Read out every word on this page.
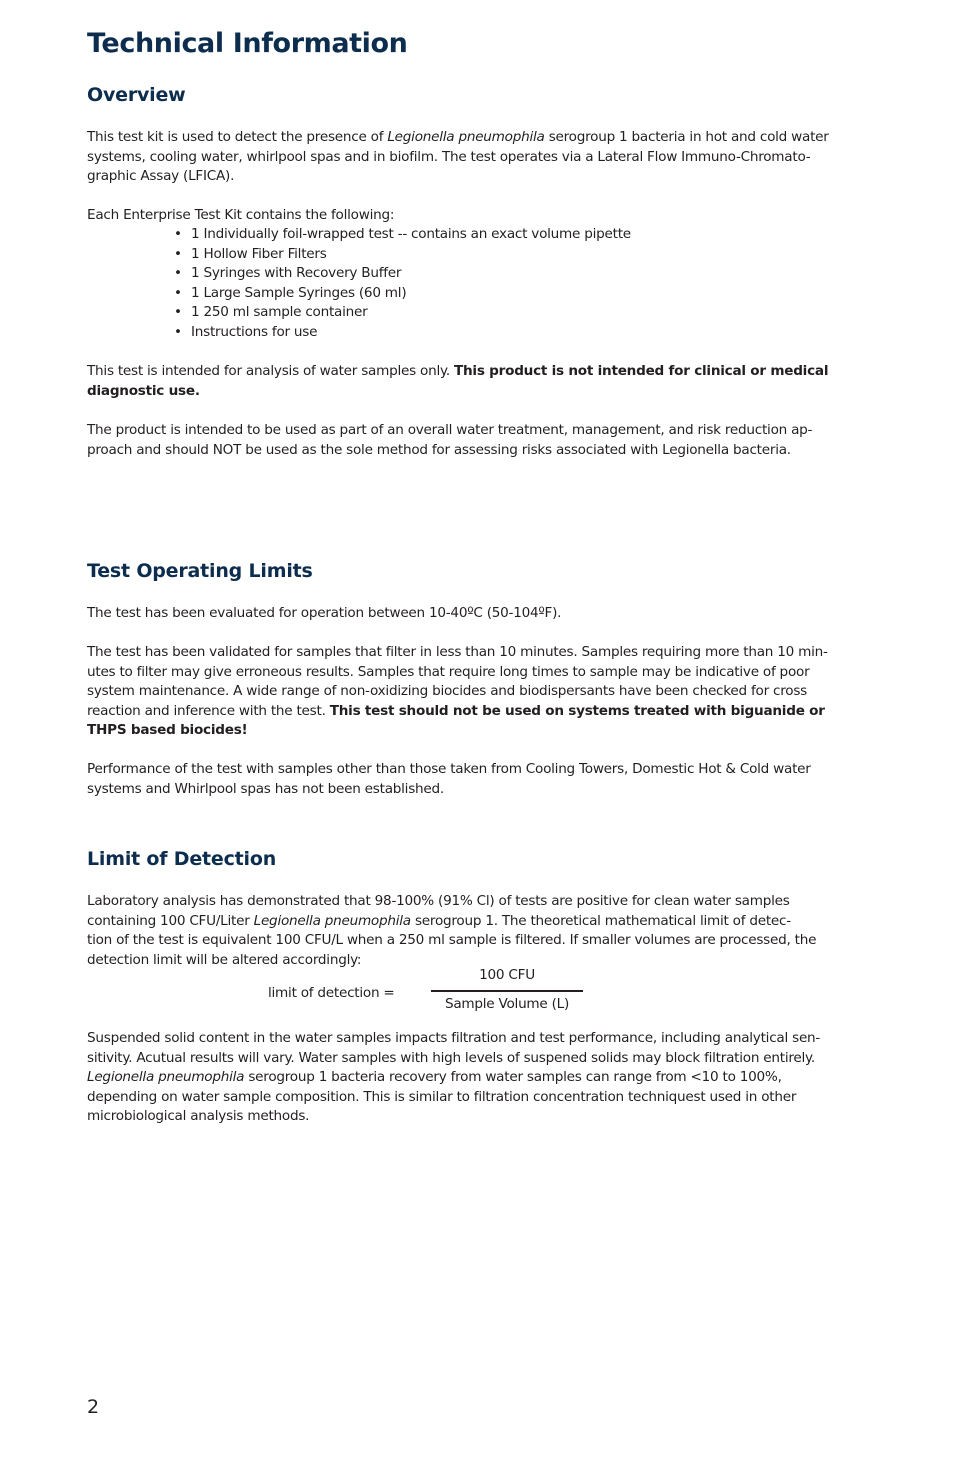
Technical Information
Overview

This test kit is used to detect the presence of Legionella pneumophila serogroup 1 bacteria in hot and cold water
systems, cooling water, whirlpool spas and in biofilm. The test operates via a Lateral Flow Immuno-Chromato-
graphic Assay (LFICA).

Each Enterprise Test Kit contains the following:

• 1 Individually foil-wrapped test -- contains an exact volume pipette
• 1 Hollow Fiber Filters
• 1 Syringes with Recovery Buffer
• 1 Large Sample Syringes (60 ml)
• 1 250 ml sample container
• Instructions for use

This test is intended for analysis of water samples only. This product is not intended for clinical or medical
diagnostic use.

The product is intended to be used as part of an overall water treatment, management, and risk reduction ap-
proach and should NOT be used as the sole method for assessing risks associated with Legionella bacteria.

Test Operating Limits

The test has been evaluated for operation between 10-40ºC (50-104ºF).

The test has been validated for samples that filter in less than 10 minutes. Samples requiring more than 10 min-
utes to filter may give erroneous results. Samples that require long times to sample may be indicative of poor
system maintenance. A wide range of non-oxidizing biocides and biodispersants have been checked for cross
reaction and inference with the test. This test should not be used on systems treated with biguanide or
THPS based biocides!

Performance of the test with samples other than those taken from Cooling Towers, Domestic Hot & Cold water
systems and Whirlpool spas has not been established.

Limit of Detection

Laboratory analysis has demonstrated that 98-100% (91% Cl) of tests are positive for clean water samples
containing 100 CFU/Liter Legionella pneumophila serogroup 1. The theoretical mathematical limit of detec-
tion of the test is equivalent 100 CFU/L when a 250 ml sample is filtered. If smaller volumes are processed, the
detection limit will be altered accordingly:

limit of detection =
100 CFU
Sample Volume (L)

Suspended solid content in the water samples impacts filtration and test performance, including analytical sen-
sitivity. Acutual results will vary. Water samples with high levels of suspened solids may block filtration entirely.
Legionella pneumophila serogroup 1 bacteria recovery from water samples can range from <10 to 100%,
depending on water sample composition. This is similar to filtration concentration techniquest used in other
microbiological analysis methods.

2
